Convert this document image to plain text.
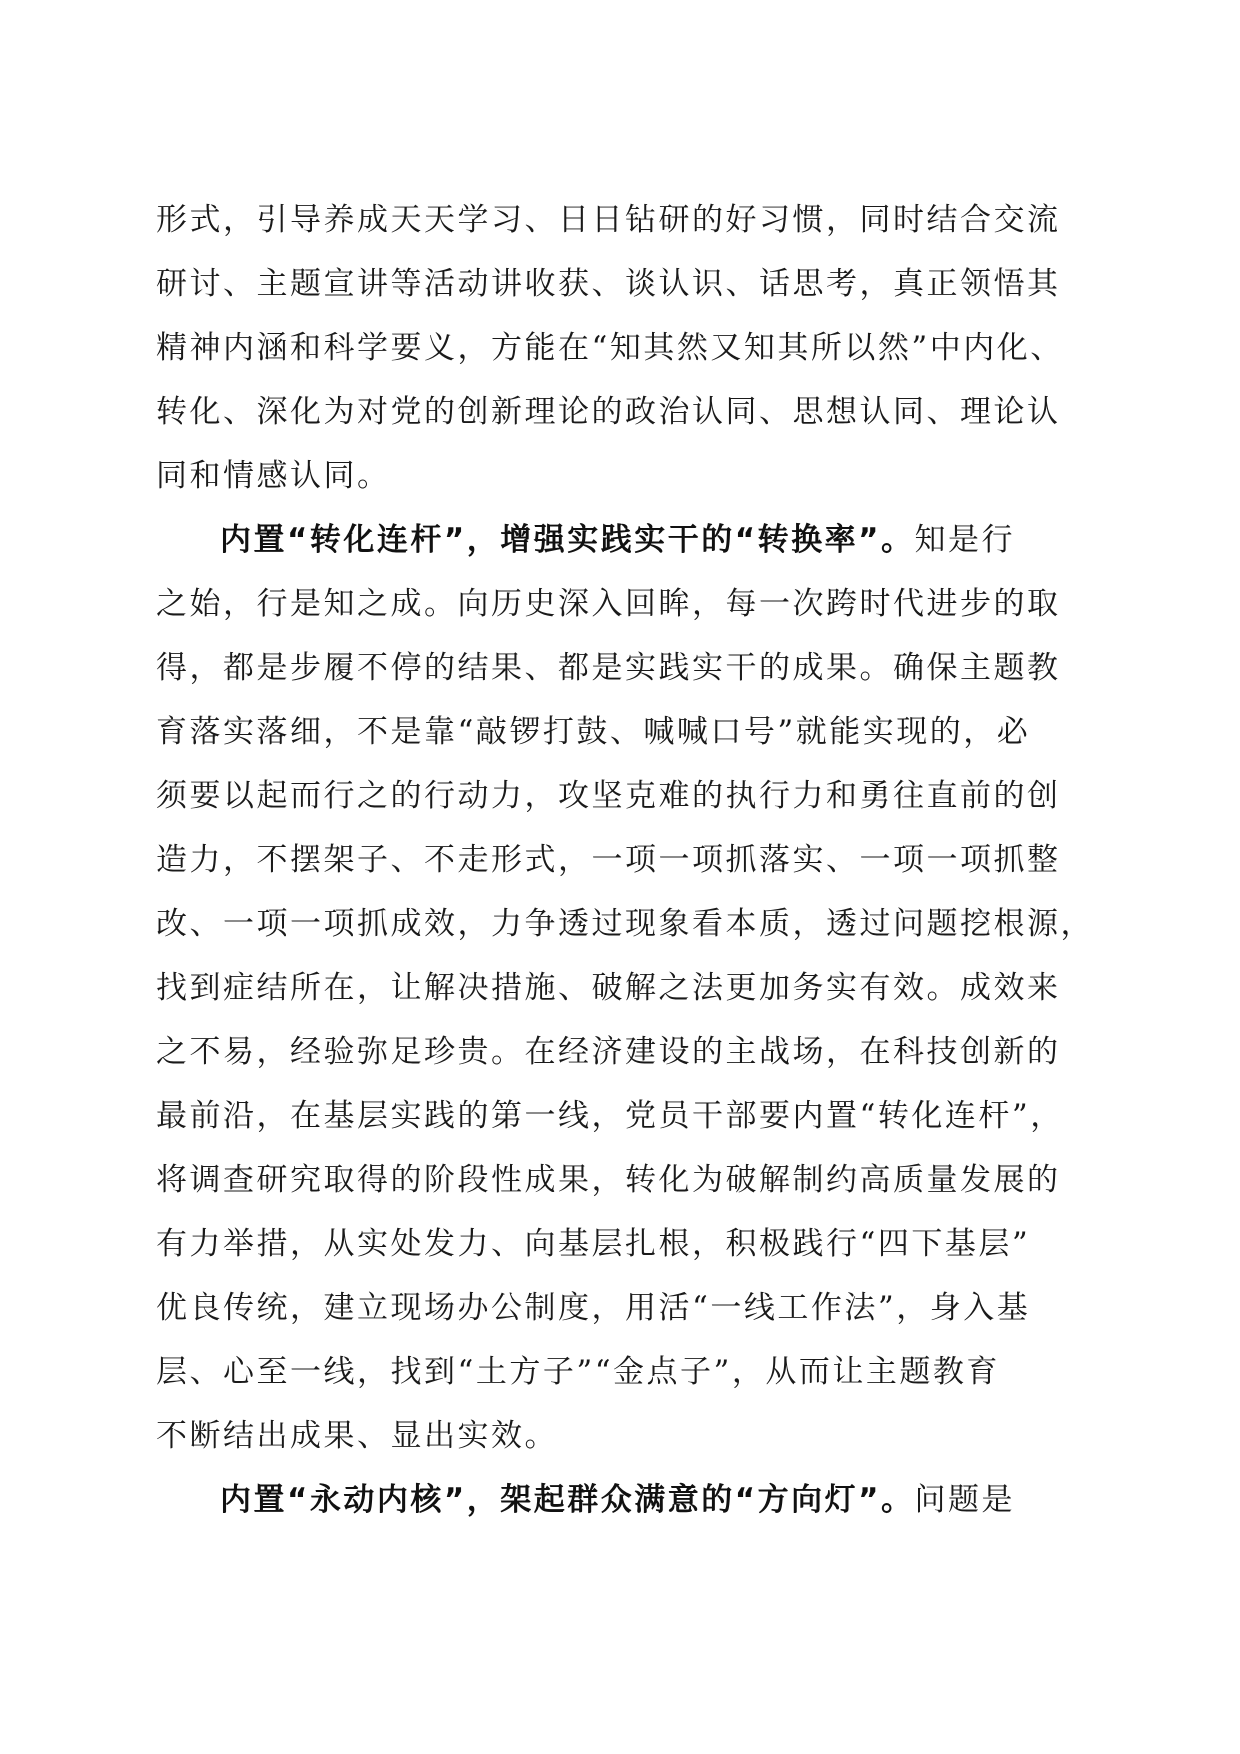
形式，引导养成天天学习、日日钻研的好习惯，同时结合交流
研讨、主题宣讲等活动讲收获、谈认识、话思考，真正领悟其
精神内涵和科学要义，方能在“知其然又知其所以然”中内化、
转化、深化为对党的创新理论的政治认同、思想认同、理论认
同和情感认同。
内置“转化连杆”，增强实践实干的“转换率”。知是行
之始，行是知之成。向历史深入回眸，每一次跨时代进步的取
得，都是步履不停的结果、都是实践实干的成果。确保主题教
育落实落细，不是靠“敲锣打鼓、喊喊口号”就能实现的，必
须要以起而行之的行动力，攻坚克难的执行力和勇往直前的创
造力，不摆架子、不走形式，一项一项抓落实、一项一项抓整
改、一项一项抓成效，力争透过现象看本质，透过问题挖根源，
找到症结所在，让解决措施、破解之法更加务实有效。成效来
之不易，经验弥足珍贵。在经济建设的主战场，在科技创新的
最前沿，在基层实践的第一线，党员干部要内置“转化连杆”，
将调查研究取得的阶段性成果，转化为破解制约高质量发展的
有力举措，从实处发力、向基层扎根，积极践行“四下基层”
优良传统，建立现场办公制度，用活“一线工作法”，身入基
层、心至一线，找到“土方子”“金点子”，从而让主题教育
不断结出成果、显出实效。
内置“永动内核”，架起群众满意的“方向灯”。问题是
